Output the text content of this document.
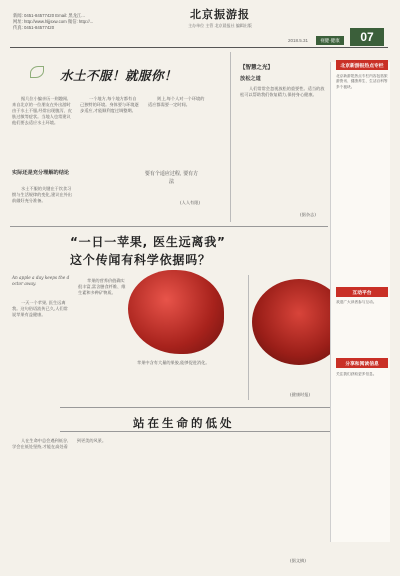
新闻: 0451-84577420 Email: 黑龙江...
网址: http://www.hljjsxw.com 微信: http://...
传真: 0451-84577420
北京振游报
主办单位 主管 北京晨报社 编辑出版
2018.5.31	视健·健康	07
水土不服！就服你！
据几位小编亲历一则趣闻,来自北京的一位朋友在外出游时由于水土不服,经常出现腹泻、皮肤过敏等症状。当地人也常建议他们要去适应水土环境。
实际还是充分理解的结论
水土不服的关键在于饮食习惯与生活规律的变化,建议在外出前做好充分准备。
一个地方,每个地方都有自己独特的环境。身体要与环境逐步适应,才能顺利度过调整期。
则上,每个人对一个环境的适应都需要一定时间。
要有个适应过程, 要有方法
(人人有限)
【智慧之光】
放松之道
人们常常会忽视放松的重要性。适当的放松可以帮助我们恢复精力,保持身心健康。
(据杂志)
“一日一苹果, 医生远离我”
这个传闻有科学依据吗？
An apple a day keeps the doctor away.
一天一个苹果, 医生远离我。这句俗语流传已久,人们常说苹果有益健康。
苹果的营养价值确实很丰富,富含膳食纤维、维生素和多种矿物质。
苹果中含有大量的果胶,能够促进消化。
(健康时报)
站在生命的低处
人在生命中总会遇到低谷,学会在低处坚持,才能在高处看到更美的风景。
(据文摘)
北京新游报热点专栏
北京新游报热点专栏内容包括旅游资讯、健康养生、生活百科等多个板块。
互动平台
欢迎广大读者参与互动。
分享和阅读信息
关注我们获取更多信息。
